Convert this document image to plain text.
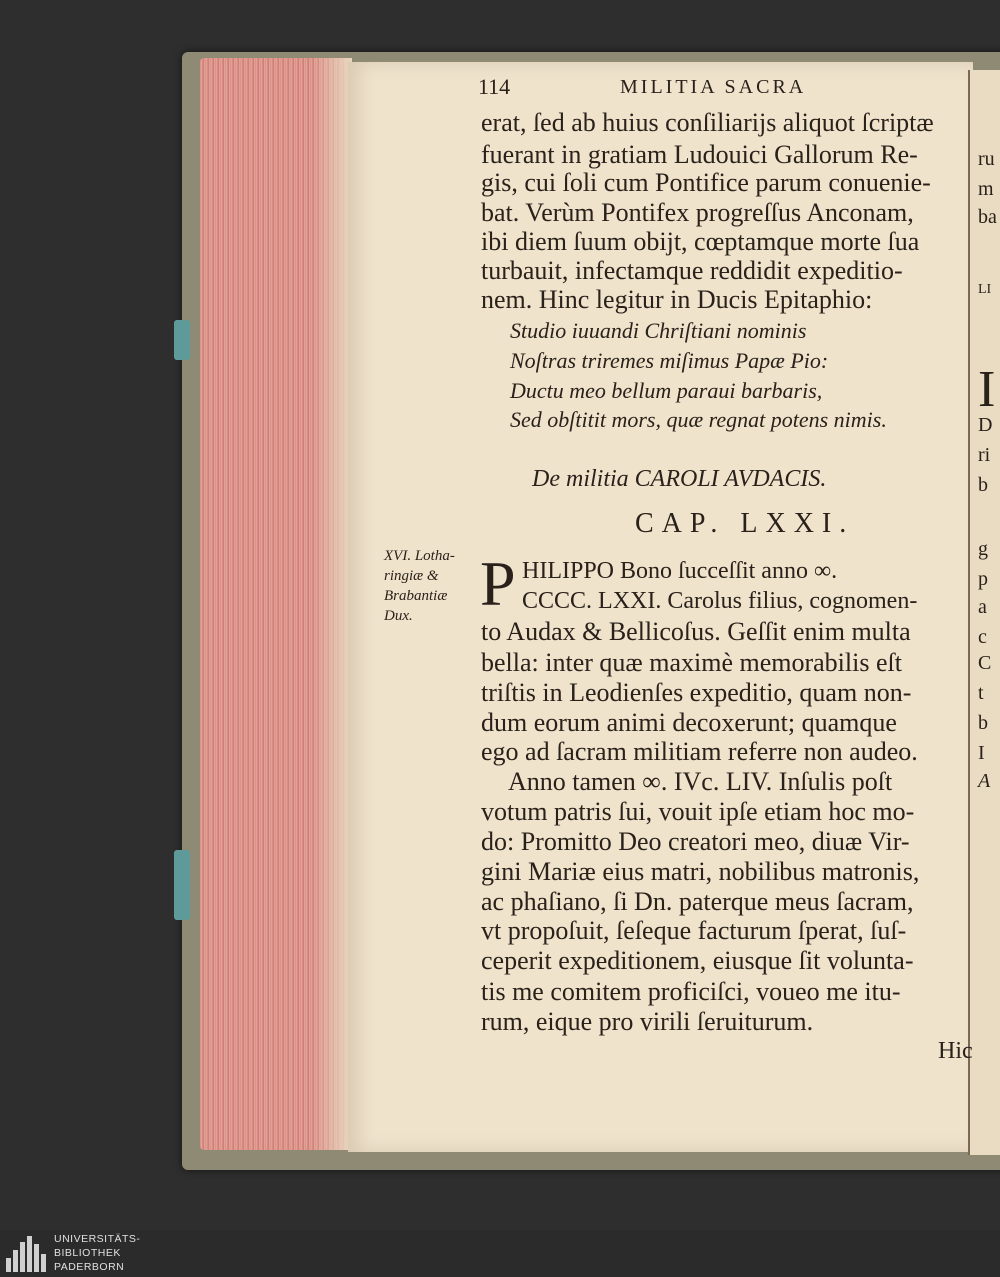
114	MILITIA SACRA
erat, ſed ab huius conſiliarijs aliquot ſcriptæ
fuerant in gratiam Ludouici Gallorum Re-
gis, cui ſoli cum Pontifice parum conuenie-
bat. Verùm Pontifex progreſſus Anconam,
ibi diem ſuum obijt, cœptamque morte ſua
turbauit, infectamque reddidit expeditio-
nem. Hinc legitur in Ducis Epitaphio:
Studio iuuandi Chriſtiani nominis
Noſtras triremes miſimus Papæ Pio:
Ductu meo bellum paraui barbaris,
Sed obſtitit mors, quæ regnat potens nimis.
De militia CAROLI AVDACIS.
CAP. LXXI.
XVI. Lotha-
ringiæ &
Brabantiæ
Dux. P HILIPPO Bono ſucceſſit anno ∞.
CCCC. LXXI. Carolus filius, cognomen-
to Audax & Bellicoſus. Geſſit enim multa
bella: inter quæ maximè memorabilis eſt
triſtis in Leodienſes expeditio, quam non-
dum eorum animi decoxerunt; quamque
ego ad ſacram militiam referre non audeo.
Anno tamen ∞. IVc. LIV. Inſulis poſt
votum patris ſui, vouit ipſe etiam hoc mo-
do: Promitto Deo creatori meo, diuæ Vir-
gini Mariæ eius matri, nobilibus matronis,
ac phaſiano, ſi Dn. paterque meus ſacram,
vt propoſuit, ſeſeque facturum ſperat, ſuſ-
ceperit expeditionem, eiusque ſit volunta-
tis me comitem proficiſci, voueo me itu-
rum, eique pro virili ſeruiturum.
Hic
ru
m
ba
LI
I
D
ri
b
g
p
a
c
C
t
b
I
A
UNIVERSITÄTS-
BIBLIOTHEK
PADERBORN
